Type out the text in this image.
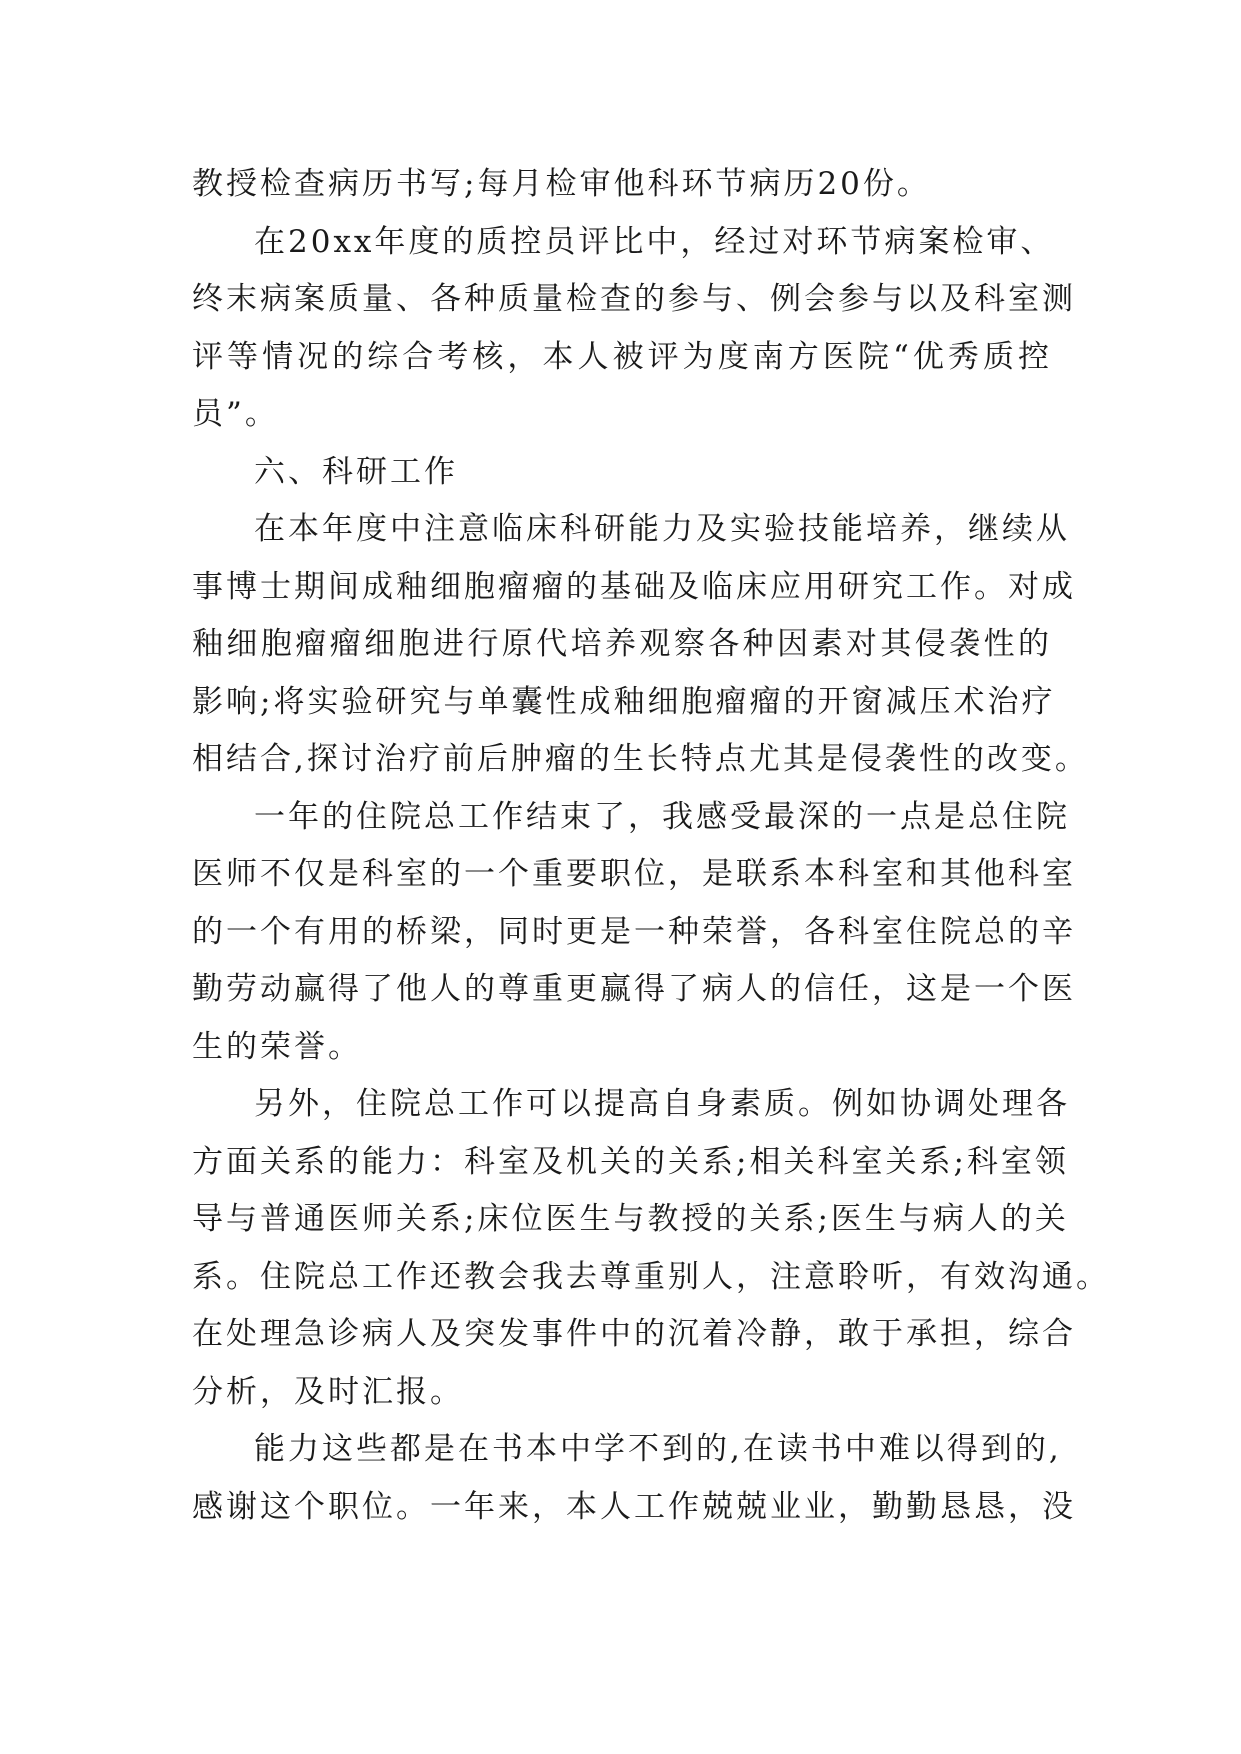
教授检查病历书写;每月检审他科环节病历20份。
在20xx年度的质控员评比中，经过对环节病案检审、
终末病案质量、各种质量检查的参与、例会参与以及科室测
评等情况的综合考核，本人被评为度南方医院“优秀质控
员”。
六、科研工作
在本年度中注意临床科研能力及实验技能培养，继续从
事博士期间成釉细胞瘤瘤的基础及临床应用研究工作。对成
釉细胞瘤瘤细胞进行原代培养观察各种因素对其侵袭性的
影响;将实验研究与单囊性成釉细胞瘤瘤的开窗减压术治疗
相结合,探讨治疗前后肿瘤的生长特点尤其是侵袭性的改变。
一年的住院总工作结束了，我感受最深的一点是总住院
医师不仅是科室的一个重要职位，是联系本科室和其他科室
的一个有用的桥梁，同时更是一种荣誉，各科室住院总的辛
勤劳动赢得了他人的尊重更赢得了病人的信任，这是一个医
生的荣誉。
另外，住院总工作可以提高自身素质。例如协调处理各
方面关系的能力：科室及机关的关系;相关科室关系;科室领
导与普通医师关系;床位医生与教授的关系;医生与病人的关
系。住院总工作还教会我去尊重别人，注意聆听，有效沟通。
在处理急诊病人及突发事件中的沉着冷静，敢于承担，综合
分析，及时汇报。
能力这些都是在书本中学不到的,在读书中难以得到的,
感谢这个职位。一年来，本人工作兢兢业业，勤勤恳恳，没
